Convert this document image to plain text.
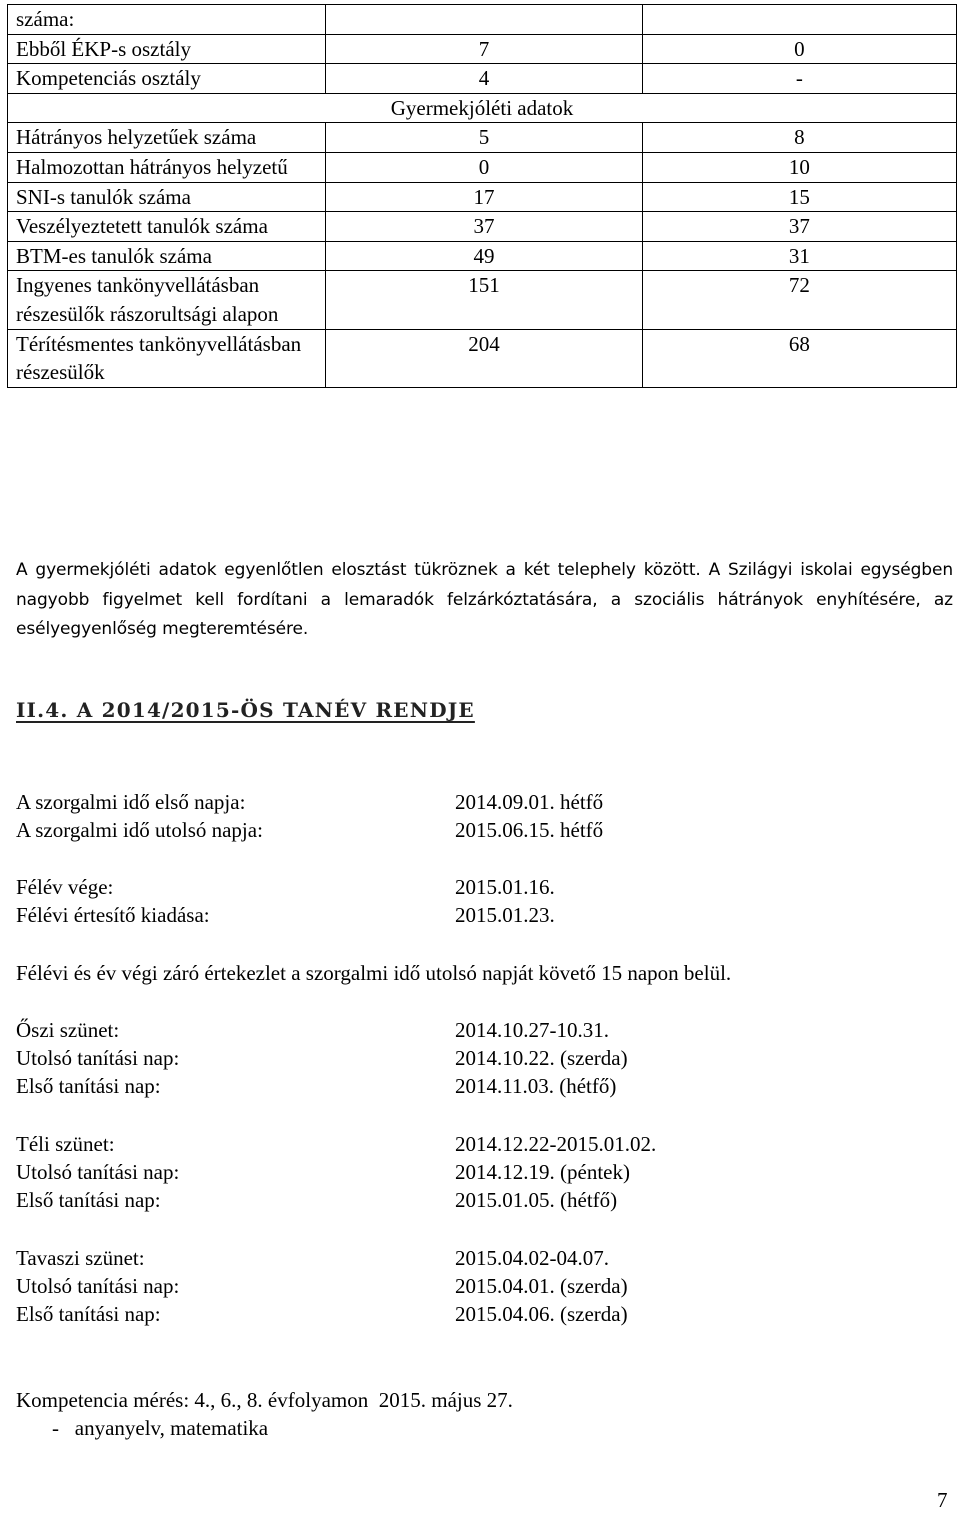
száma:		
Ebből ÉKP-s osztály	7	0
Kompetenciás osztály	4	-
Gyermekjóléti adatok		
Hátrányos helyzetűek száma	5	8
Halmozottan hátrányos helyzetű	0	10
SNI-s tanulók száma	17	15
Veszélyeztetett tanulók száma	37	37
BTM-es tanulók száma	49	31
Ingyenes tankönyvellátásban részesülők rászorultsági alapon	151	72
Térítésmentes tankönyvellátásban részesülők	204	68
A gyermekjóléti adatok egyenlőtlen elosztást tükröznek a két telephely között. A Szilágyi iskolai egységben nagyobb figyelmet kell fordítani a lemaradók felzárkóztatására, a szociális hátrányok enyhítésére, az esélyegyenlőség megteremtésére.
II.4. A 2014/2015-ÖS TANÉV RENDJE
A szorgalmi idő első napja:	2014.09.01. hétfő
A szorgalmi idő utolsó napja:	2015.06.15. hétfő
Félév vége:	2015.01.16.
Félévi értesítő kiadása:	2015.01.23.
Félévi és év végi záró értekezlet a szorgalmi idő utolsó napját követő 15 napon belül.
Őszi szünet:	2014.10.27-10.31.
Utolsó tanítási nap:	2014.10.22. (szerda)
Első tanítási nap:	2014.11.03. (hétfő)
Téli szünet:	2014.12.22-2015.01.02.
Utolsó tanítási nap:	2014.12.19. (péntek)
Első tanítási nap:	2015.01.05. (hétfő)
Tavaszi szünet:	2015.04.02-04.07.
Utolsó tanítási nap:	2015.04.01. (szerda)
Első tanítási nap:	2015.04.06. (szerda)
Kompetencia mérés: 4., 6., 8. évfolyamon  2015. május 27.
-   anyanyelv, matematika
7
